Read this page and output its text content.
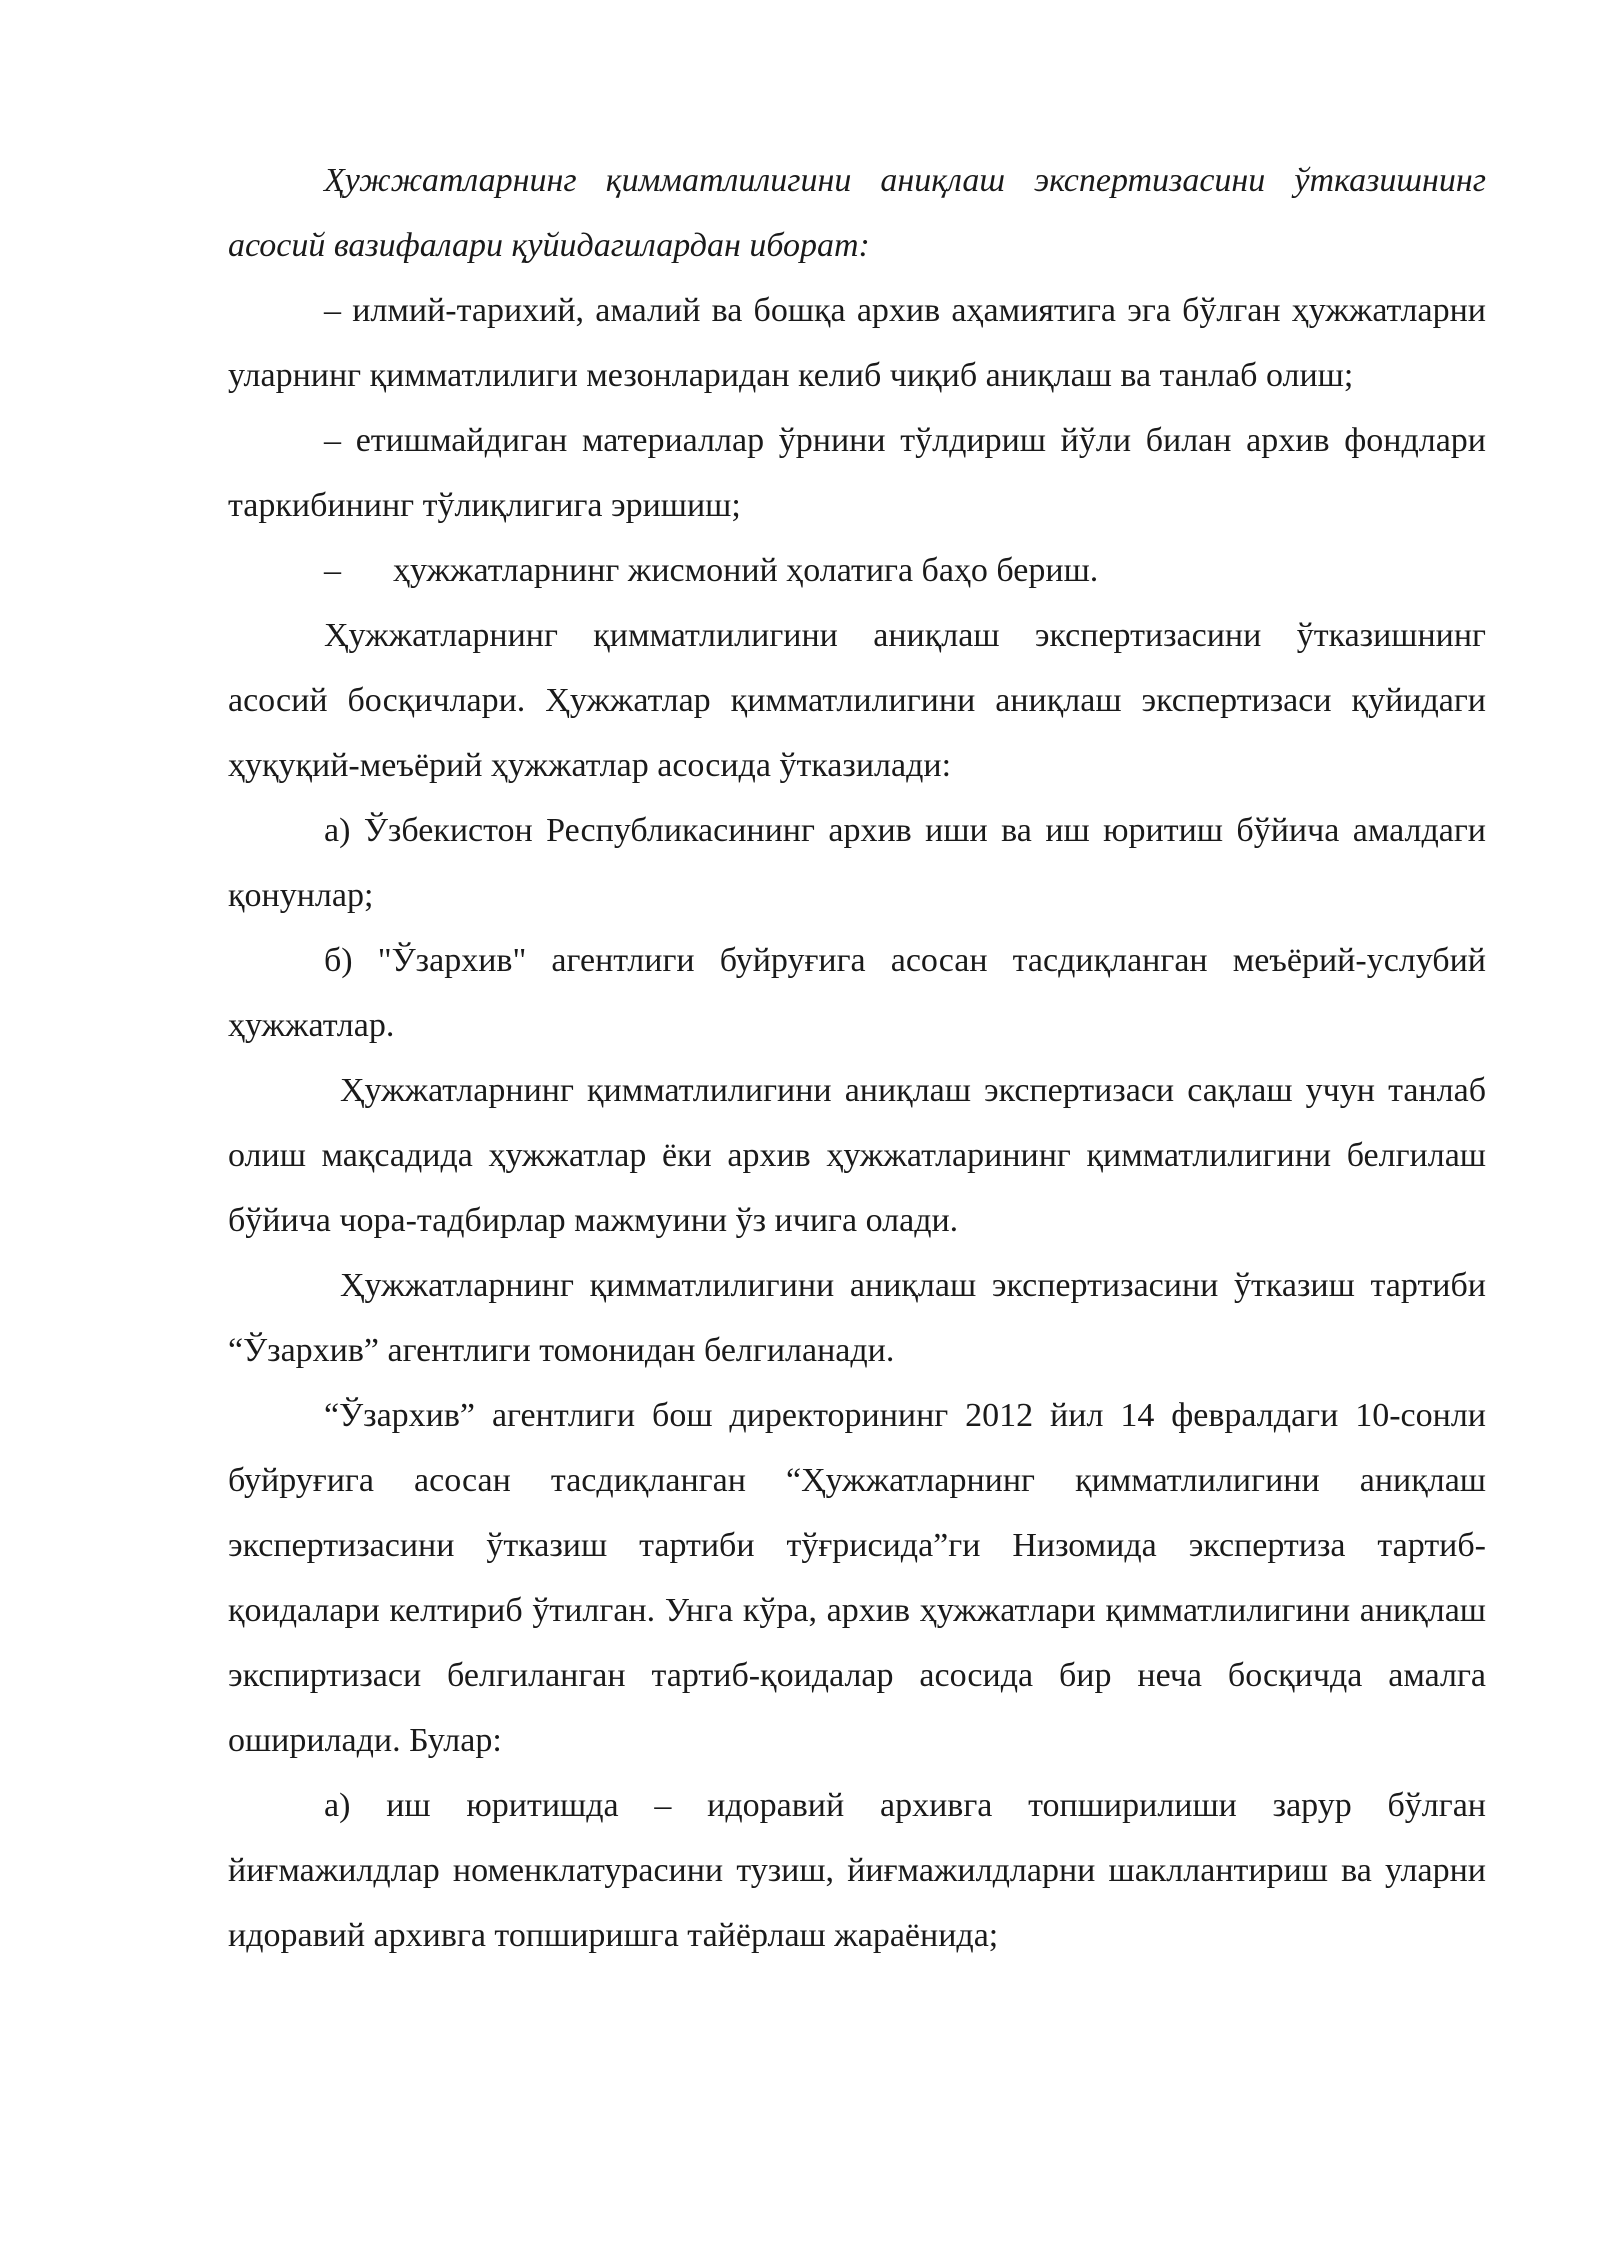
Ҳужжатларнинг қимматлилигини аниқлаш экспертизасини ўтказишнинг асосий вазифалари қуйидагилардан иборат:

– илмий-тарихий, амалий ва бошқа архив аҳамиятига эга бўлган ҳужжатларни уларнинг қимматлилиги мезонларидан келиб чиқиб аниқлаш ва танлаб олиш;

– етишмайдиган материаллар ўрнини тўлдириш йўли билан архив фондлари таркибининг тўлиқлигига эришиш;

– ҳужжатларнинг жисмоний ҳолатига баҳо бериш.

Ҳужжатларнинг қимматлилигини аниқлаш экспертизасини ўтказишнинг асосий босқичлари. Ҳужжатлар қимматлилигини аниқлаш экспертизаси қуйидаги ҳуқуқий-меъёрий ҳужжатлар асосида ўтказилади:

а) Ўзбекистон Республикасининг архив иши ва иш юритиш бўйича амалдаги қонунлар;

б) "Ўзархив" агентлиги буйруғига асосан тасдиқланган меъёрий-услубий ҳужжатлар.

Ҳужжатларнинг қимматлилигини аниқлаш экспертизаси сақлаш учун танлаб олиш мақсадида ҳужжатлар ёки архив ҳужжатларининг қимматлилигини белгилаш бўйича чора-тадбирлар мажмуини ўз ичига олади.

Ҳужжатларнинг қимматлилигини аниқлаш экспертизасини ўтказиш тартиби “Ўзархив” агентлиги томонидан белгиланади.

“Ўзархив” агентлиги бош директорининг 2012 йил 14 февралдаги 10-сонли буйруғига асосан тасдиқланган “Ҳужжатларнинг қимматлилигини аниқлаш экспертизасини ўтказиш тартиби тўғрисида”ги Низомида экспертиза тартиб-қоидалари келтириб ўтилган. Унга кўра, архив ҳужжатлари қимматлилигини аниқлаш экспиртизаси белгиланган тартиб-қоидалар асосида бир неча босқичда амалга оширилади. Булар:

а) иш юритишда – идоравий архивга топширилиши зарур бўлган йиғмажилдлар номенклатурасини тузиш, йиғмажилдларни шакллантириш ва уларни идоравий архивга топширишга тайёрлаш жараёнида;
